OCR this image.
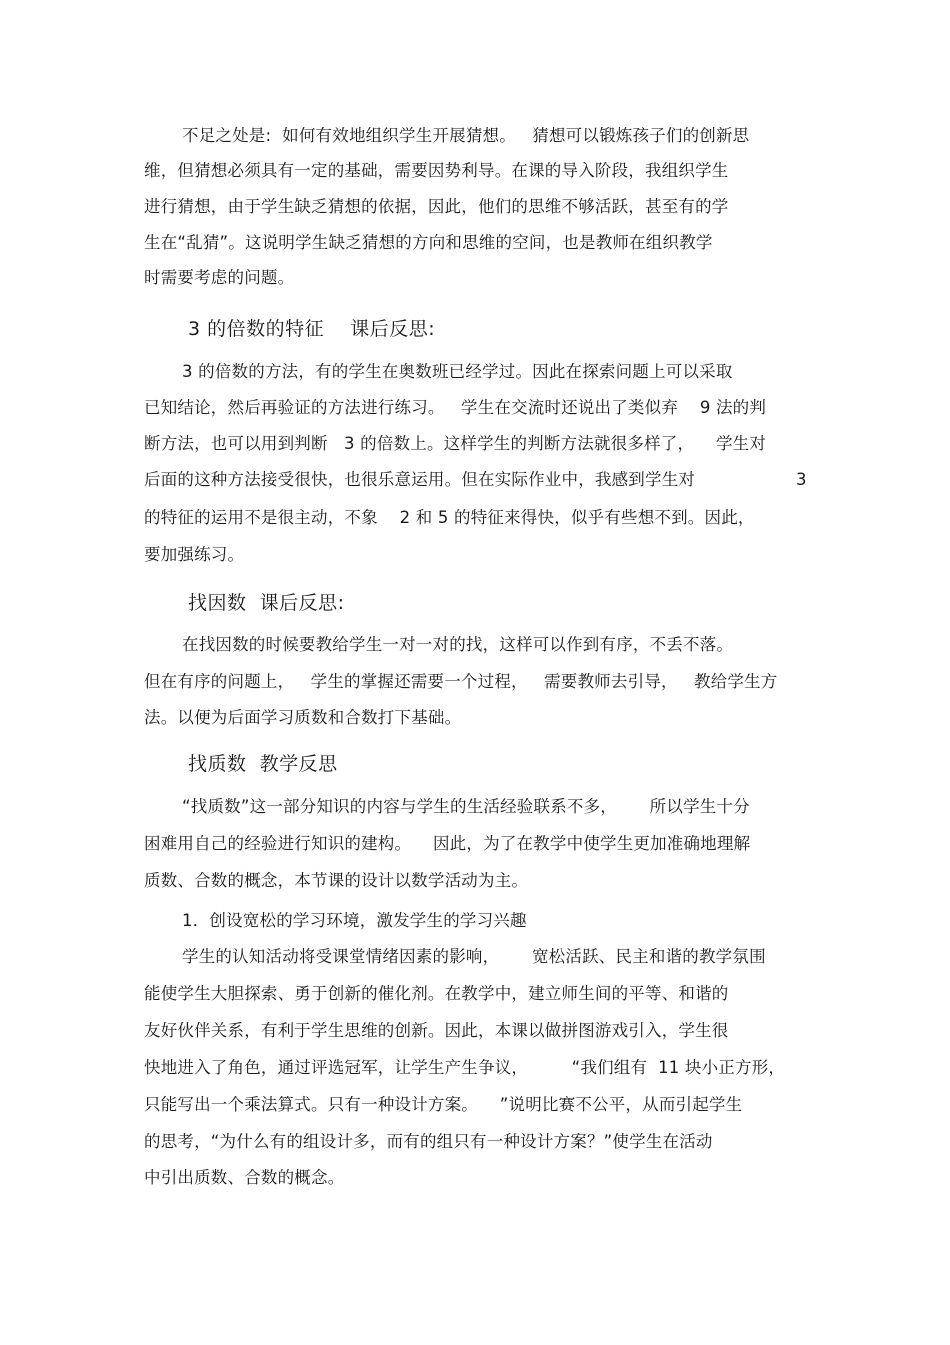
不足之处是:  如何有效地组织学生开展猜想。   猜想可以锻炼孩子们的创新思
维，但猜想必须具有一定的基础，需要因势利导。在课的导入阶段，我组织学生
进行猜想，由于学生缺乏猜想的依据，因此，他们的思维不够活跃，甚至有的学
生在“乱猜”。这说明学生缺乏猜想的方向和思维的空间，也是教师在组织教学
时需要考虑的问题。
3 的倍数的特征    课后反思:
3 的倍数的方法，有的学生在奥数班已经学过。因此在探索问题上可以采取
已知结论，然后再验证的方法进行练习。   学生在交流时还说出了类似弃    9 法的判
断方法，也可以用到判断   3 的倍数上。这样学生的判断方法就很多样了，    学生对
后面的这种方法接受很快，也很乐意运用。但在实际作业中，我感到学生对	3
的特征的运用不是很主动，不象    2 和 5 的特征来得快，似乎有些想不到。因此，
要加强练习。
找因数  课后反思:
在找因数的时候要教给学生一对一对的找，这样可以作到有序，不丢不落。
但在有序的问题上，   学生的掌握还需要一个过程，   需要教师去引导，   教给学生方
法。以便为后面学习质数和合数打下基础。
找质数  教学反思
“找质数”这一部分知识的内容与学生的生活经验联系不多，      所以学生十分
困难用自己的经验进行知识的建构。    因此，为了在教学中使学生更加准确地理解
质数、合数的概念，本节课的设计以数学活动为主。
1．创设宽松的学习环境，激发学生的学习兴趣
学生的认知活动将受课堂情绪因素的影响，      宽松活跃、民主和谐的教学氛围
能使学生大胆探索、勇于创新的催化剂。在教学中，建立师生间的平等、和谐的
友好伙伴关系，有利于学生思维的创新。因此，本课以做拼图游戏引入，学生很
快地进入了角色，通过评选冠军，让学生产生争议，        “我们组有  11 块小正方形，
只能写出一个乘法算式。只有一种设计方案。    ”说明比赛不公平，从而引起学生
的思考，“为什么有的组设计多，而有的组只有一种设计方案？”使学生在活动
中引出质数、合数的概念。
